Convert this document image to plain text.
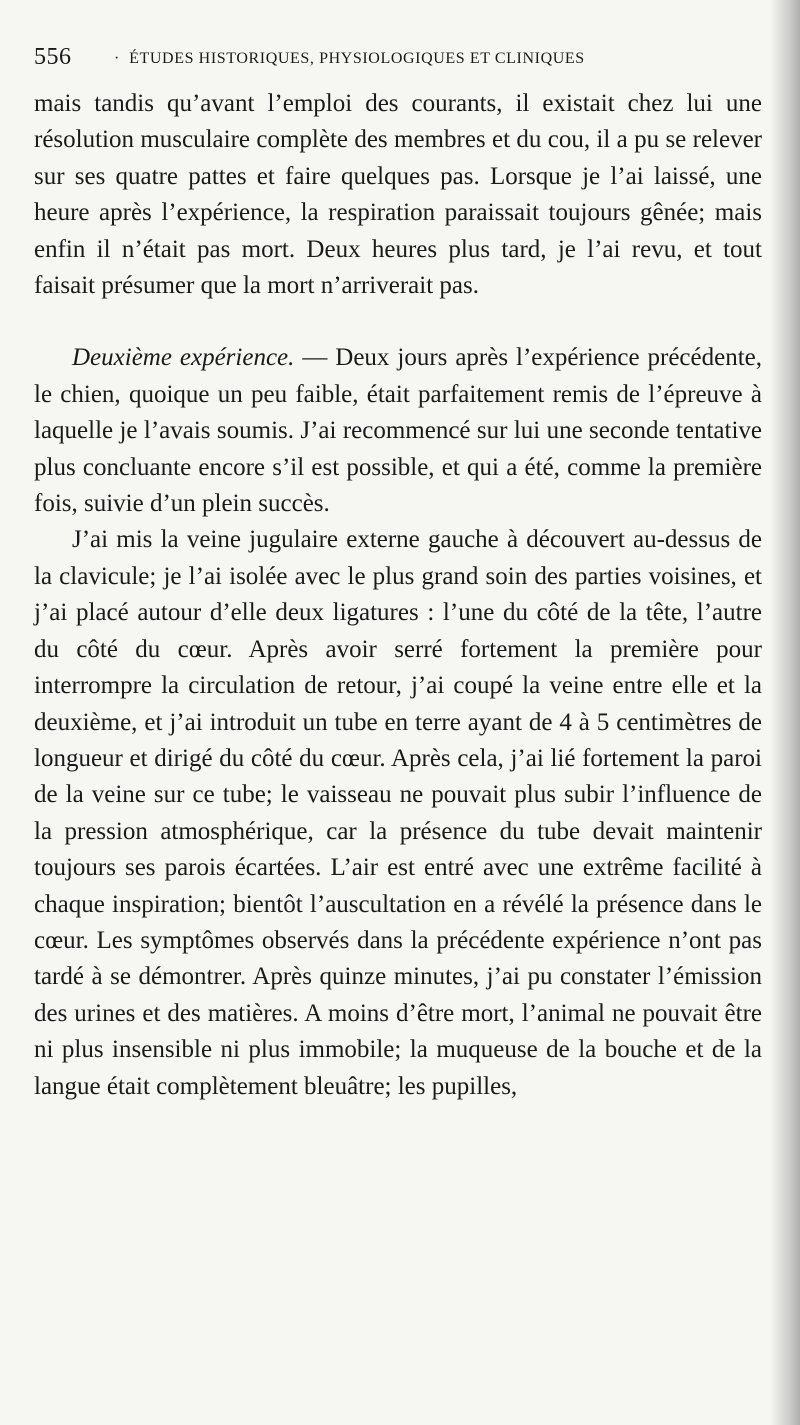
556	· ÉTUDES HISTORIQUES, PHYSIOLOGIQUES ET CLINIQUES

mais tandis qu’avant l’emploi des courants, il existait chez lui une résolution musculaire complète des membres et du cou, il a pu se relever sur ses quatre pattes et faire quelques pas. Lorsque je l’ai laissé, une heure après l’expérience, la respiration paraissait toujours gênée; mais enfin il n’était pas mort. Deux heures plus tard, je l’ai revu, et tout faisait présumer que la mort n’arriverait pas.

Deuxième expérience. — Deux jours après l’expérience précédente, le chien, quoique un peu faible, était parfaitement remis de l’épreuve à laquelle je l’avais soumis. J’ai recommencé sur lui une seconde tentative plus concluante encore s’il est possible, et qui a été, comme la première fois, suivie d’un plein succès.

J’ai mis la veine jugulaire externe gauche à découvert au-dessus de la clavicule; je l’ai isolée avec le plus grand soin des parties voisines, et j’ai placé autour d’elle deux ligatures : l’une du côté de la tête, l’autre du côté du cœur. Après avoir serré fortement la première pour interrompre la circulation de retour, j’ai coupé la veine entre elle et la deuxième, et j’ai introduit un tube en terre ayant de 4 à 5 centimètres de longueur et dirigé du côté du cœur. Après cela, j’ai lié fortement la paroi de la veine sur ce tube; le vaisseau ne pouvait plus subir l’influence de la pression atmosphérique, car la présence du tube devait maintenir toujours ses parois écartées. L’air est entré avec une extrême facilité à chaque inspiration; bientôt l’auscultation en a révélé la présence dans le cœur. Les symptômes observés dans la précédente expérience n’ont pas tardé à se démontrer. Après quinze minutes, j’ai pu constater l’émission des urines et des matières. A moins d’être mort, l’animal ne pouvait être ni plus insensible ni plus immobile; la muqueuse de la bouche et de la langue était complètement bleuâtre; les pupilles,
